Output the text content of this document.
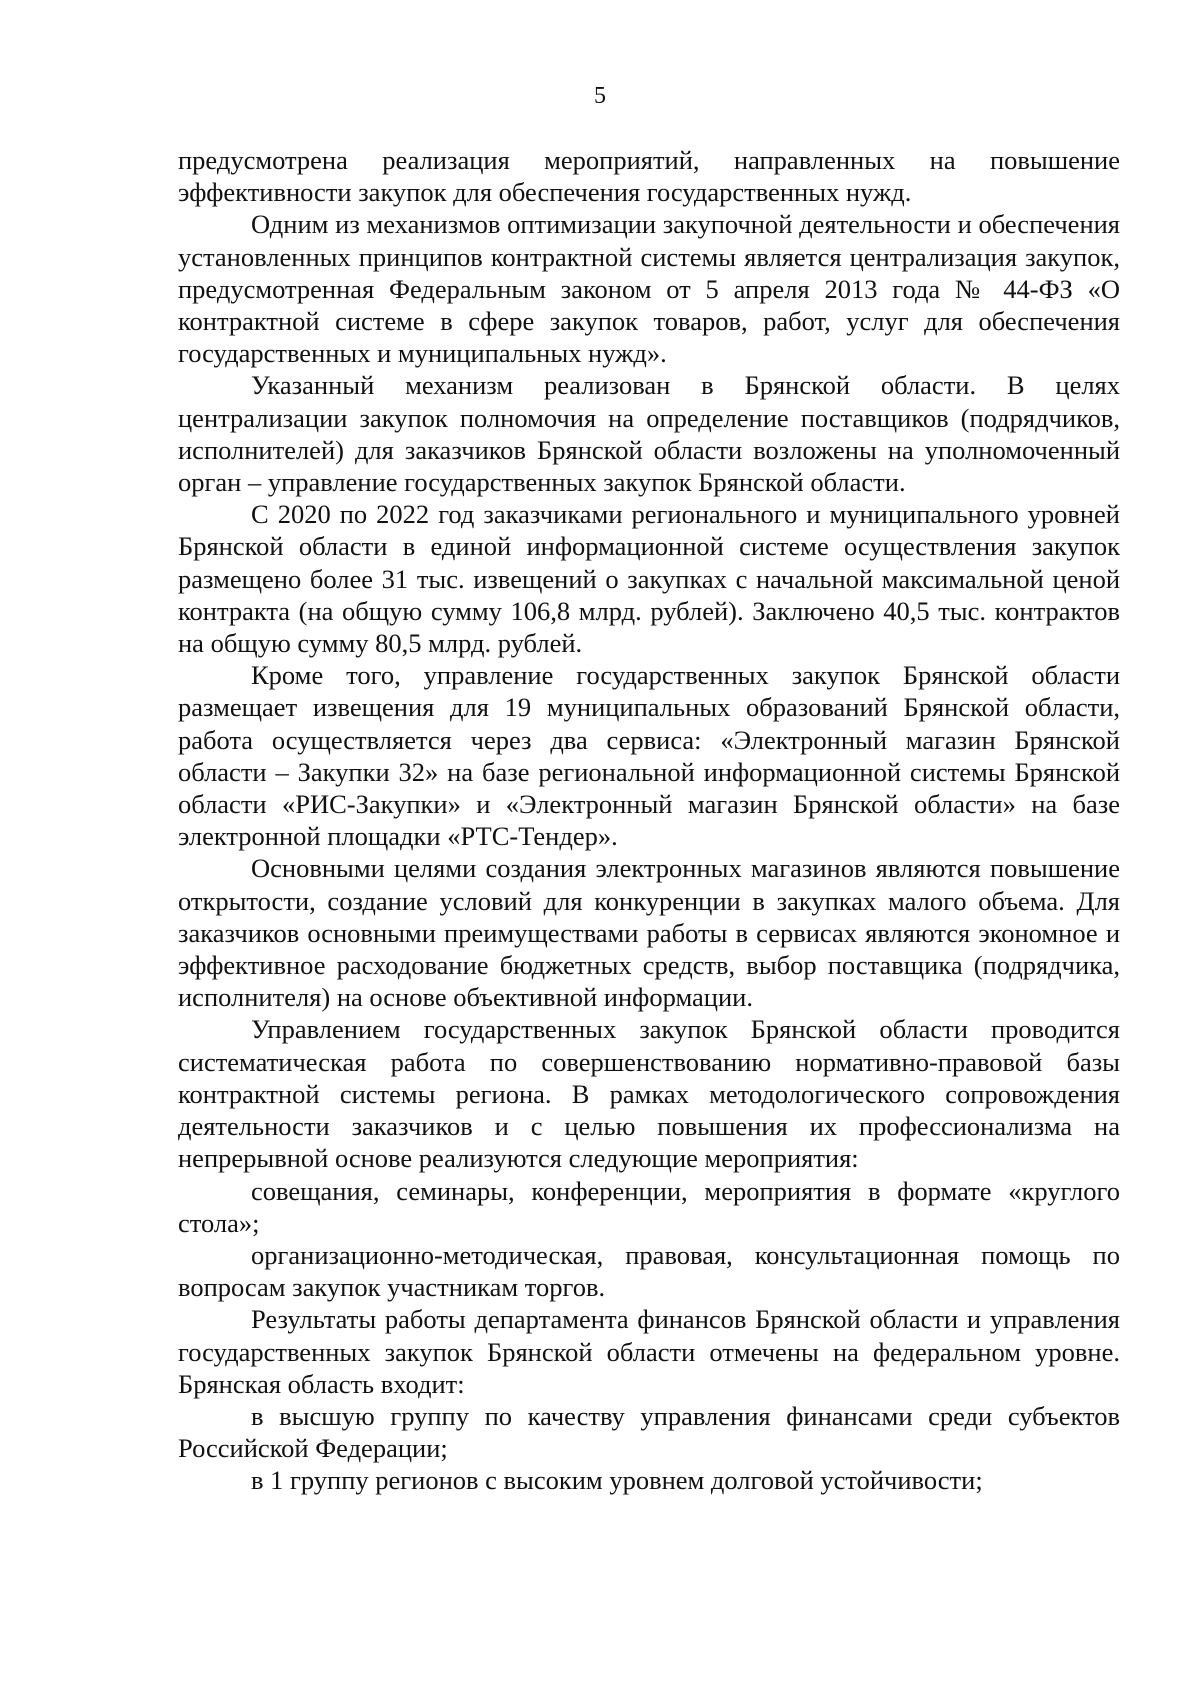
5

предусмотрена реализация мероприятий, направленных на повышение эффективности закупок для обеспечения государственных нужд.

Одним из механизмов оптимизации закупочной деятельности и обеспечения установленных принципов контрактной системы является централизация закупок, предусмотренная Федеральным законом от 5 апреля 2013 года № 44-ФЗ «О контрактной системе в сфере закупок товаров, работ, услуг для обеспечения государственных и муниципальных нужд».

Указанный механизм реализован в Брянской области. В целях централизации закупок полномочия на определение поставщиков (подрядчиков, исполнителей) для заказчиков Брянской области возложены на уполномоченный орган – управление государственных закупок Брянской области.

С 2020 по 2022 год заказчиками регионального и муниципального уровней Брянской области в единой информационной системе осуществления закупок размещено более 31 тыс. извещений о закупках с начальной максимальной ценой контракта (на общую сумму 106,8 млрд. рублей). Заключено 40,5 тыс. контрактов на общую сумму 80,5 млрд. рублей.

Кроме того, управление государственных закупок Брянской области размещает извещения для 19 муниципальных образований Брянской области, работа осуществляется через два сервиса: «Электронный магазин Брянской области – Закупки 32» на базе региональной информационной системы Брянской области «РИС-Закупки» и «Электронный магазин Брянской области» на базе электронной площадки «РТС-Тендер».

Основными целями создания электронных магазинов являются повышение открытости, создание условий для конкуренции в закупках малого объема. Для заказчиков основными преимуществами работы в сервисах являются экономное и эффективное расходование бюджетных средств, выбор поставщика (подрядчика, исполнителя) на основе объективной информации.

Управлением государственных закупок Брянской области проводится систематическая работа по совершенствованию нормативно-правовой базы контрактной системы региона. В рамках методологического сопровождения деятельности заказчиков и с целью повышения их профессионализма на непрерывной основе реализуются следующие мероприятия:

совещания, семинары, конференции, мероприятия в формате «круглого стола»;

организационно-методическая, правовая, консультационная помощь по вопросам закупок участникам торгов.

Результаты работы департамента финансов Брянской области и управления государственных закупок Брянской области отмечены на федеральном уровне. Брянская область входит:

в высшую группу по качеству управления финансами среди субъектов Российской Федерации;

в 1 группу регионов с высоким уровнем долговой устойчивости;
